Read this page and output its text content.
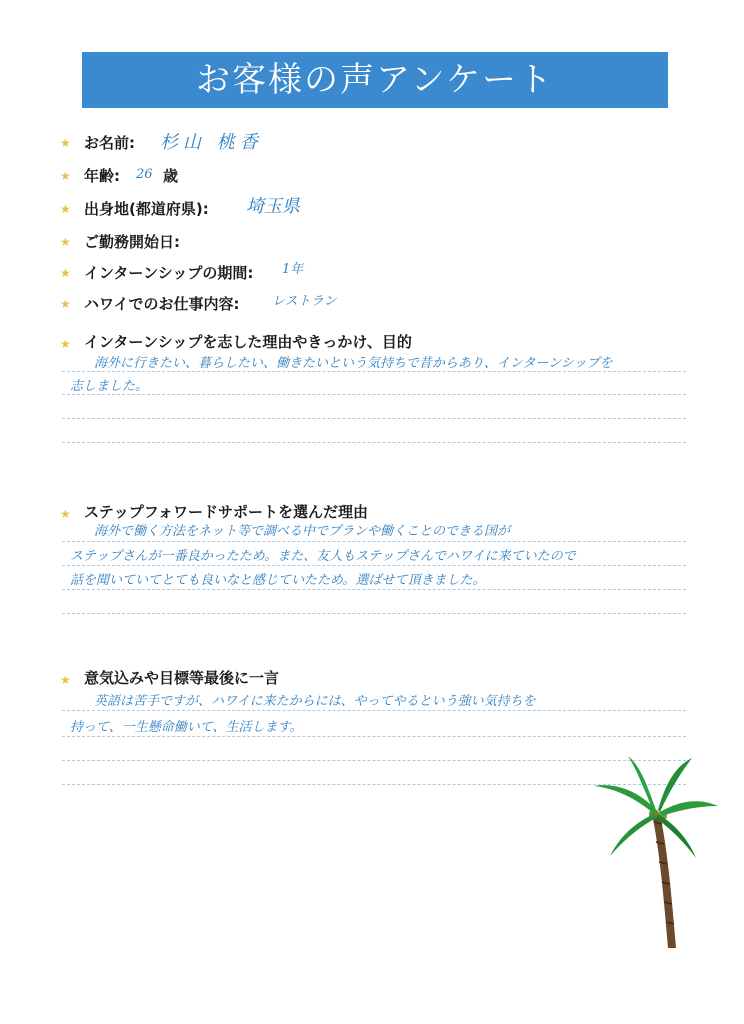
お客様の声アンケート
★ お名前: 杉山 桃香
★ 年齢: 26 歳
★ 出身地(都道府県): 埼玉県
★ ご勤務開始日:
★ インターンシップの期間: 1年
★ ハワイでのお仕事内容: レストラン
★ インターンシップを志した理由やきっかけ、目的
海外に行きたい、暮らしたい、働きたいという気持ちで昔からあり、インターンシップを
志しました。
★ ステップフォワードサポートを選んだ理由
海外で働く方法をネット等で調べる中でプランや働くことのできる国が
ステップさんが一番良かったため。また、友人もステップさんでハワイに来ていたので
話を聞いていてとても良いなと感じていたため。選ばせて頂きました。
★ 意気込みや目標等最後に一言
英語は苦手ですが、ハワイに来たからには、やってやるという強い気持ちを
持って、一生懸命働いて、生活します。
